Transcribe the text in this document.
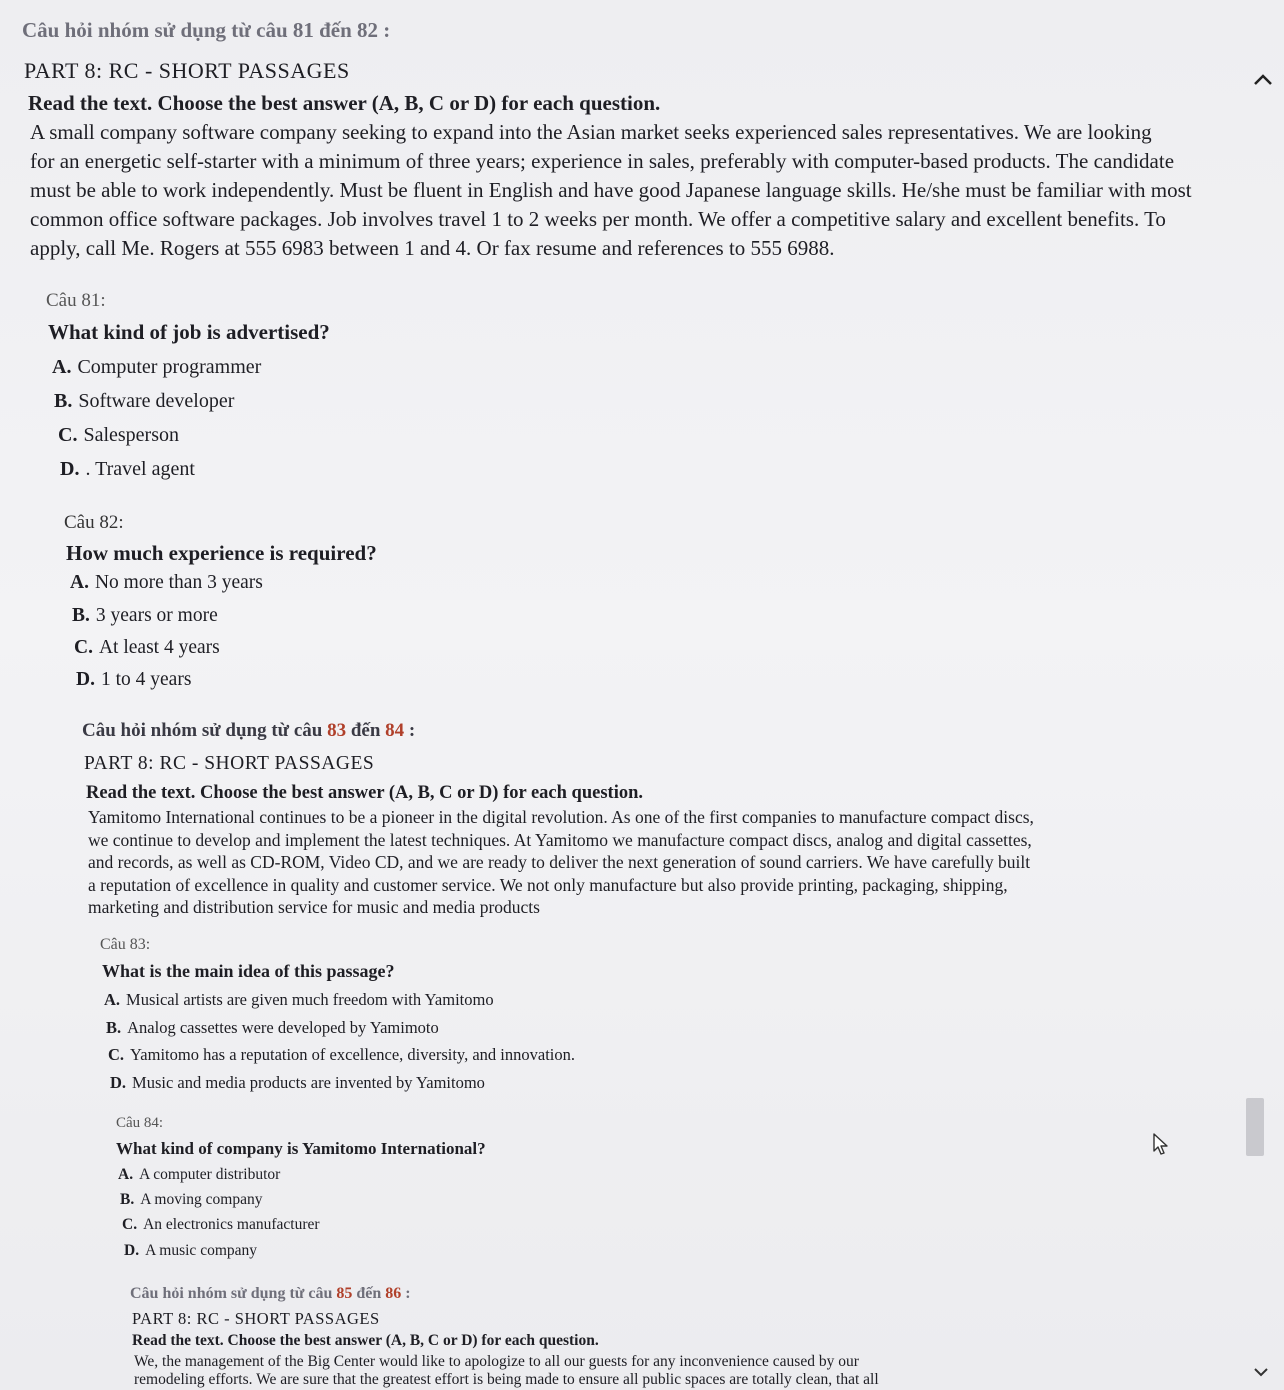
Câu hỏi nhóm sử dụng từ câu 81 đến 82 :
PART 8: RC - SHORT PASSAGES
Read the text. Choose the best answer (A, B, C or D) for each question.
A small company software company seeking to expand into the Asian market seeks experienced sales representatives. We are looking
for an energetic self-starter with a minimum of three years; experience in sales, preferably with computer-based products. The candidate
must be able to work independently. Must be fluent in English and have good Japanese language skills. He/she must be familiar with most
common office software packages. Job involves travel 1 to 2 weeks per month. We offer a competitive salary and excellent benefits. To
apply, call Me. Rogers at 555 6983 between 1 and 4. Or fax resume and references to 555 6988.
Câu 81:
What kind of job is advertised?
A. Computer programmer
B. Software developer
C. Salesperson
D. . Travel agent
Câu 82:
How much experience is required?
A. No more than 3 years
B. 3 years or more
C. At least 4 years
D. 1 to 4 years
Câu hỏi nhóm sử dụng từ câu 83 đến 84 :
PART 8: RC - SHORT PASSAGES
Read the text. Choose the best answer (A, B, C or D) for each question.
Yamitomo International continues to be a pioneer in the digital revolution. As one of the first companies to manufacture compact discs,
we continue to develop and implement the latest techniques. At Yamitomo we manufacture compact discs, analog and digital cassettes,
and records, as well as CD-ROM, Video CD, and we are ready to deliver the next generation of sound carriers. We have carefully built
a reputation of excellence in quality and customer service. We not only manufacture but also provide printing, packaging, shipping,
marketing and distribution service for music and media products
Câu 83:
What is the main idea of this passage?
A. Musical artists are given much freedom with Yamitomo
B. Analog cassettes were developed by Yamimoto
C. Yamitomo has a reputation of excellence, diversity, and innovation.
D. Music and media products are invented by Yamitomo
Câu 84:
What kind of company is Yamitomo International?
A. A computer distributor
B. A moving company
C. An electronics manufacturer
D. A music company
Câu hỏi nhóm sử dụng từ câu 85 đến 86 :
PART 8: RC - SHORT PASSAGES
Read the text. Choose the best answer (A, B, C or D) for each question.
We, the management of the Big Center would like to apologize to all our guests for any inconvenience caused by our
remodeling efforts. We are sure that the greatest effort is being made to ensure all public spaces are totally clean, that all
